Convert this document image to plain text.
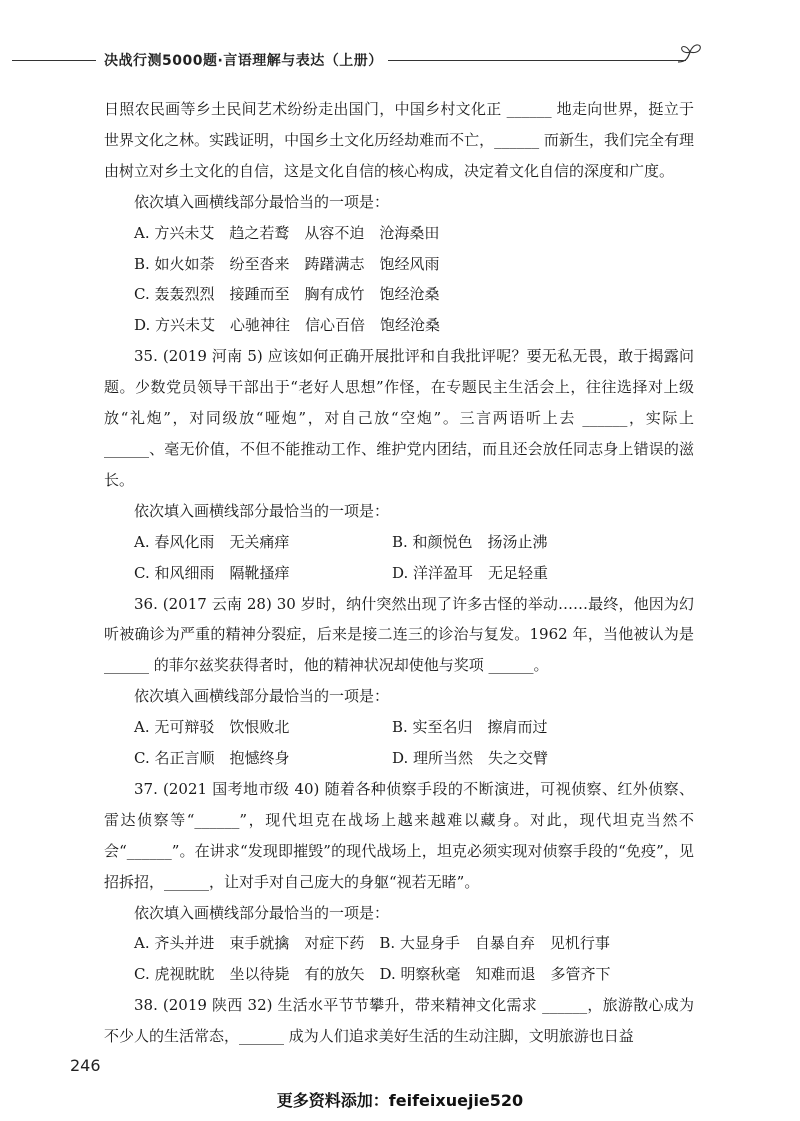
决战行测5000题·言语理解与表达（上册）

日照农民画等乡土民间艺术纷纷走出国门，中国乡村文化正 ______ 地走向世界，挺立于世界文化之林。实践证明，中国乡土文化历经劫难而不亡，______ 而新生，我们完全有理由树立对乡土文化的自信，这是文化自信的核心构成，决定着文化自信的深度和广度。

依次填入画横线部分最恰当的一项是：
A. 方兴未艾　趋之若鹜　从容不迫　沧海桑田
B. 如火如荼　纷至沓来　踌躇满志　饱经风雨
C. 轰轰烈烈　接踵而至　胸有成竹　饱经沧桑
D. 方兴未艾　心驰神往　信心百倍　饱经沧桑

35. (2019 河南 5) 应该如何正确开展批评和自我批评呢？要无私无畏，敢于揭露问题。少数党员领导干部出于“老好人思想”作怪，在专题民主生活会上，往往选择对上级放“礼炮”，对同级放“哑炮”，对自己放“空炮”。三言两语听上去 ______，实际上 ______、毫无价值，不但不能推动工作、维护党内团结，而且还会放任同志身上错误的滋长。

依次填入画横线部分最恰当的一项是：
A. 春风化雨　无关痛痒	B. 和颜悦色　扬汤止沸
C. 和风细雨　隔靴搔痒	D. 洋洋盈耳　无足轻重

36. (2017 云南 28) 30 岁时，纳什突然出现了许多古怪的举动……最终，他因为幻听被确诊为严重的精神分裂症，后来是接二连三的诊治与复发。1962 年，当他被认为是 ______ 的菲尔兹奖获得者时，他的精神状况却使他与奖项 ______。

依次填入画横线部分最恰当的一项是：
A. 无可辩驳　饮恨败北	B. 实至名归　擦肩而过
C. 名正言顺　抱憾终身	D. 理所当然　失之交臂

37. (2021 国考地市级 40) 随着各种侦察手段的不断演进，可视侦察、红外侦察、雷达侦察等“______”，现代坦克在战场上越来越难以藏身。对此，现代坦克当然不会“______”。在讲求“发现即摧毁”的现代战场上，坦克必须实现对侦察手段的“免疫”，见招拆招，______，让对手对自己庞大的身躯“视若无睹”。

依次填入画横线部分最恰当的一项是：
A. 齐头并进　束手就擒　对症下药　B. 大显身手　自暴自弃　见机行事
C. 虎视眈眈　坐以待毙　有的放矢　D. 明察秋毫　知难而退　多管齐下

38. (2019 陕西 32) 生活水平节节攀升，带来精神文化需求 ______，旅游散心成为不少人的生活常态，______ 成为人们追求美好生活的生动注脚，文明旅游也日益

246
更多资料添加：feifeixuejie520
